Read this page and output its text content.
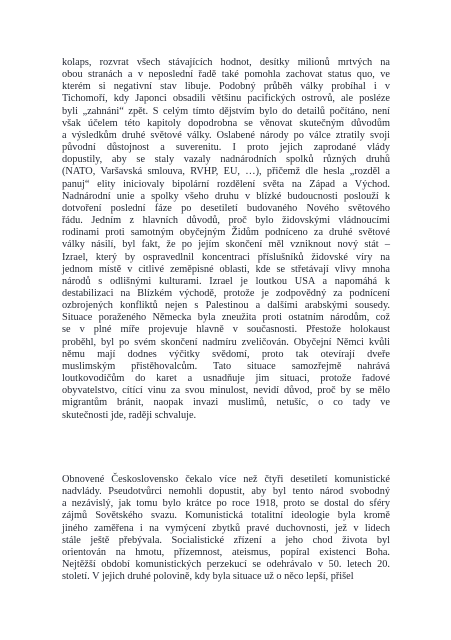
kolaps, rozvrat všech stávajících hodnot, desítky milionů mrtvých na
obou stranách a v neposlední řadě také pomohla zachovat status quo, ve
kterém si negativní stav libuje. Podobný průběh války probíhal i v
Tichomoří, kdy Japonci obsadili většinu pacifických ostrovů, ale posléze
byli „zahnáni“ zpět. S celým tímto dějstvím bylo do detailů počítáno, není
však účelem této kapitoly dopodrobna se věnovat skutečným důvodům
a výsledkům druhé světové války. Oslabené národy po válce ztratily svoji
původní důstojnost a suverenitu. I proto jejich zaprodané vlády
dopustily, aby se staly vazaly nadnárodních spolků různých druhů
(NATO, Varšavská smlouva, RVHP, EU, …), přičemž dle hesla „rozděl a
panuj“ elity iniciovaly bipolární rozdělení světa na Západ a Východ.
Nadnárodní unie a spolky všeho druhu v blízké budoucnosti poslouží k
dotvoření poslední fáze po desetiletí budovaného Nového světového
řádu. Jedním z hlavních důvodů, proč bylo židovskými vládnoucími
rodinami proti samotným obyčejným Židům podníceno za druhé světové
války násilí, byl fakt, že po jejím skončení měl vzniknout nový stát –
Izrael, který by ospravedlnil koncentraci příslušníků židovské víry na
jednom místě v citlivé zeměpisné oblasti, kde se střetávají vlivy mnoha
národů s odlišnými kulturami. Izrael je loutkou USA a napomáhá k
destabilizaci na Blízkém východě, protože je zodpovědný za podnícení
ozbrojených konfliktů nejen s Palestinou a dalšími arabskými sousedy.
Situace poraženého Německa byla zneužita proti ostatním národům, což
se v plné míře projevuje hlavně v současnosti. Přestože holokaust
proběhl, byl po svém skončení nadmíru zveličován. Obyčejní Němci kvůli
němu mají dodnes výčitky svědomí, proto tak otevírají dveře
muslimským přistěhovalcům. Tato situace samozřejmě nahrává
loutkovodičům do karet a usnadňuje jim situaci, protože řadové
obyvatelstvo, cítící vinu za svou minulost, nevidí důvod, proč by se mělo
migrantům bránit, naopak invazi muslimů, netušíc, o co tady ve
skutečnosti jde, raději schvaluje.
Obnovené Československo čekalo více než čtyři desetiletí komunistické
nadvlády. Pseudotvůrci nemohli dopustit, aby byl tento národ svobodný
a nezávislý, jak tomu bylo krátce po roce 1918, proto se dostal do sféry
zájmů Sovětského svazu. Komunistická totalitní ideologie byla kromě
jiného zaměřena i na vymýcení zbytků pravé duchovnosti, jež v lidech
stále ještě přebývala. Socialistické zřízení a jeho chod života byl
orientován na hmotu, přízemnost, ateismus, popíral existenci Boha.
Nejtěžší období komunistických perzekucí se odehrávalo v 50. letech 20.
století. V jejich druhé polovině, kdy byla situace už o něco lepší, přišel
